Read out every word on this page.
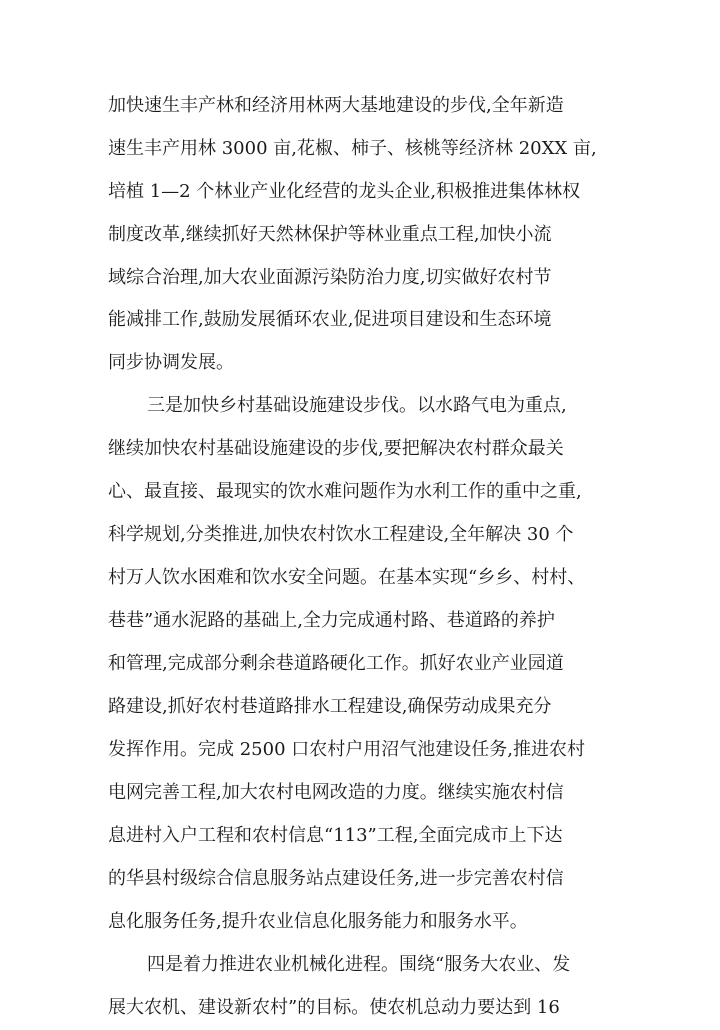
加快速生丰产林和经济用林两大基地建设的步伐,全年新造
速生丰产用林 3000 亩,花椒、柿子、核桃等经济林 20XX 亩,
培植 1—2 个林业产业化经营的龙头企业,积极推进集体林权
制度改革,继续抓好天然林保护等林业重点工程,加快小流
域综合治理,加大农业面源污染防治力度,切实做好农村节
能减排工作,鼓励发展循环农业,促进项目建设和生态环境
同步协调发展。
三是加快乡村基础设施建设步伐。以水路气电为重点,
继续加快农村基础设施建设的步伐,要把解决农村群众最关
心、最直接、最现实的饮水难问题作为水利工作的重中之重,
科学规划,分类推进,加快农村饮水工程建设,全年解决 30 个
村万人饮水困难和饮水安全问题。在基本实现“乡乡、村村、
巷巷”通水泥路的基础上,全力完成通村路、巷道路的养护
和管理,完成部分剩余巷道路硬化工作。抓好农业产业园道
路建设,抓好农村巷道路排水工程建设,确保劳动成果充分
发挥作用。完成 2500 口农村户用沼气池建设任务,推进农村
电网完善工程,加大农村电网改造的力度。继续实施农村信
息进村入户工程和农村信息“113”工程,全面完成市上下达
的华县村级综合信息服务站点建设任务,进一步完善农村信
息化服务任务,提升农业信息化服务能力和服务水平。
四是着力推进农业机械化进程。围绕“服务大农业、发
展大农机、建设新农村”的目标。使农机总动力要达到 16
